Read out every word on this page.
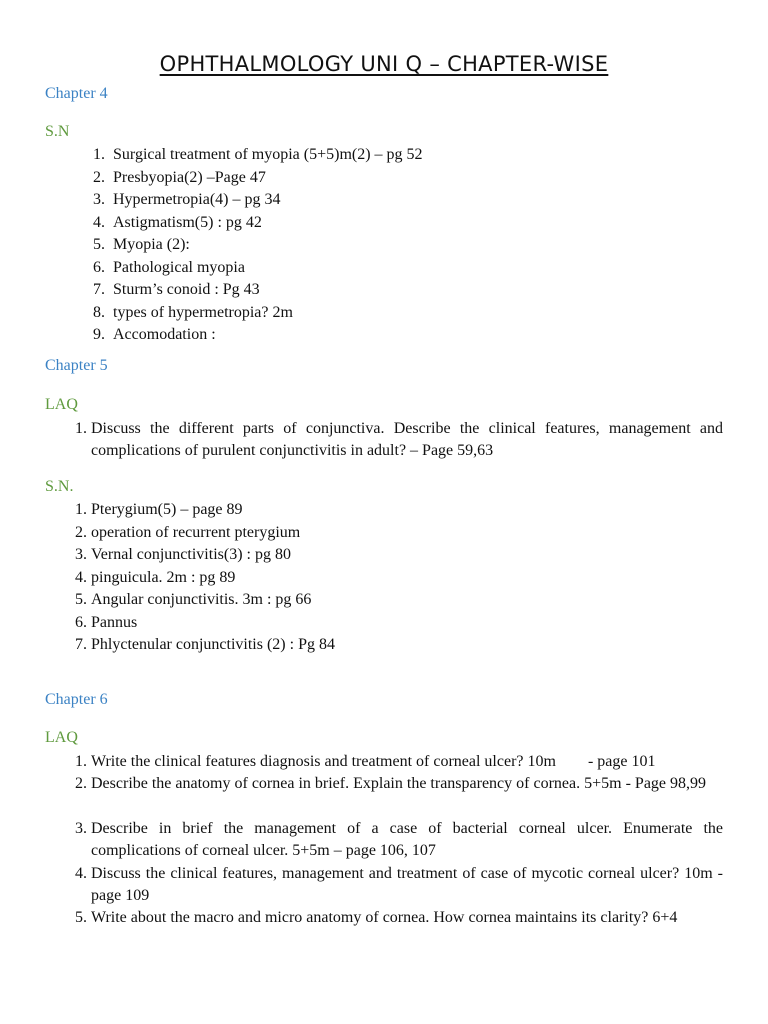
OPHTHALMOLOGY UNI Q – CHAPTER-WISE
Chapter 4
S.N
1. Surgical treatment of myopia (5+5)m(2) – pg 52
2. Presbyopia(2) –Page 47
3. Hypermetropia(4) – pg 34
4. Astigmatism(5) : pg 42
5. Myopia (2):
6. Pathological myopia
7. Sturm’s conoid : Pg 43
8. types of hypermetropia? 2m
9. Accomodation :
Chapter 5
LAQ
1. Discuss the different parts of conjunctiva. Describe the clinical features, management and complications of purulent conjunctivitis in adult? – Page 59,63
S.N.
1. Pterygium(5) – page 89
2. operation of recurrent pterygium
3. Vernal conjunctivitis(3) : pg 80
4. pinguicula. 2m : pg 89
5. Angular conjunctivitis. 3m : pg 66
6. Pannus
7. Phlyctenular conjunctivitis (2) : Pg 84
Chapter 6
LAQ
1. Write the clinical features diagnosis and treatment of corneal ulcer? 10m        - page 101
2. Describe the anatomy of cornea in brief. Explain the transparency of cornea. 5+5m - Page 98,99
3. Describe in brief the management of a case of bacterial corneal ulcer. Enumerate the complications of corneal ulcer. 5+5m – page 106, 107
4. Discuss the clinical features, management and treatment of case of mycotic corneal ulcer? 10m -page 109
5. Write about the macro and micro anatomy of cornea. How cornea maintains its clarity? 6+4
